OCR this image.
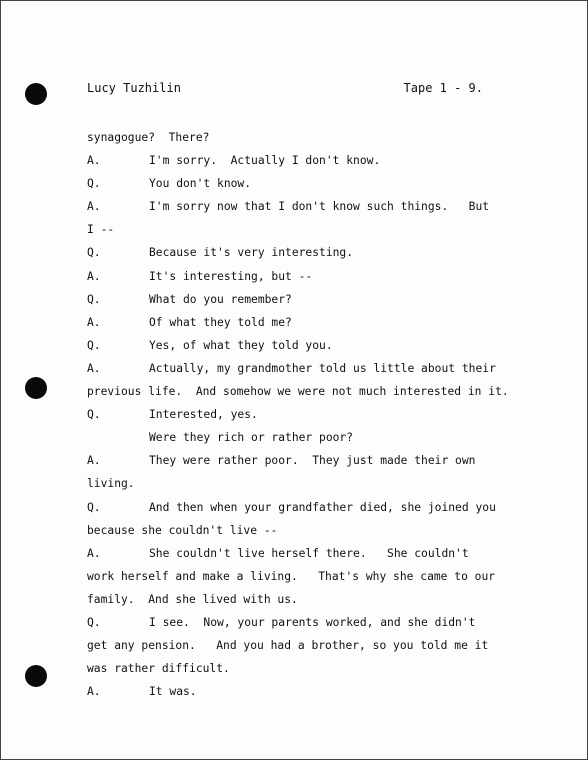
Lucy Tuzhilin	Tape 1 - 9.
synagogue?  There?
A.	I'm sorry.  Actually I don't know.
Q.	You don't know.
A.	I'm sorry now that I don't know such things.   But
I --
Q.	Because it's very interesting.
A.	It's interesting, but --
Q.	What do you remember?
A.	Of what they told me?
Q.	Yes, of what they told you.
A.	Actually, my grandmother told us little about their
previous life.  And somehow we were not much interested in it.
Q.	Interested, yes.
Were they rich or rather poor?
A.	They were rather poor.  They just made their own
living.
Q.	And then when your grandfather died, she joined you
because she couldn't live --
A.	She couldn't live herself there.   She couldn't
work herself and make a living.   That's why she came to our
family.  And she lived with us.
Q.	I see.  Now, your parents worked, and she didn't
get any pension.   And you had a brother, so you told me it
was rather difficult.
A.	It was.
